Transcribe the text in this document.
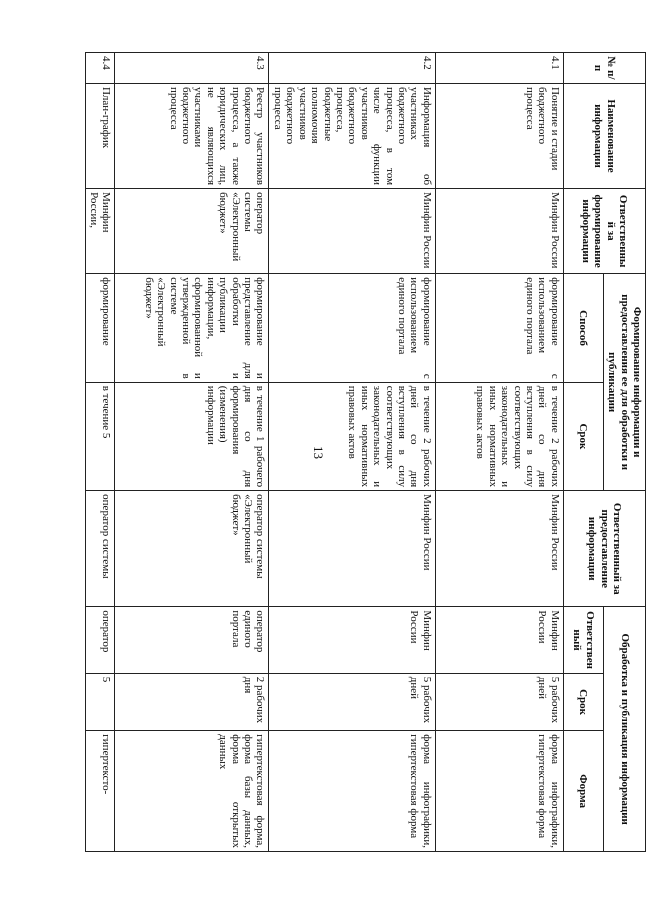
13
№ п/п	Наименование информации	Ответственный за формирование информации	Формирование информации и предоставления ее для обработки и публикации		Ответственный за предоставление информации	Обработка и публикация информации		
			Способ	Срок		Ответственный	Срок	Форма
4.1	Понятие и стадии бюджетного процесса	Минфин России	формирование с использованием единого портала	в течение 2 рабочих дней со дня вступления в силу соответствующих законодательных и иных нормативных правовых актов	Минфин России	Минфин России	5 рабочих дней	форма инфографики, гипертекстовая форма
4.2	Информация об участниках бюджетного процесса, в том числе функции участников бюджетного процесса, бюджетные полномочия участников бюджетного процесса	Минфин России	формирование с использованием единого портала	в течение 2 рабочих дней со дня вступления в силу соответствующих законодательных и иных нормативных правовых актов	Минфин России	Минфин России	5 рабочих дней	форма инфографики, гипертекстовая форма
4.3	Реестр участников бюджетного процесса, а также юридических лиц, не являющихся участниками бюджетного процесса	оператор системы «Электронный бюджет»	формирование и представление для обработки и публикации информации, сформированной и утвержденной в системе «Электронный бюджет»	в течение 1 рабочего дня со дня формирования (изменения) информации	оператор системы «Электронный бюджет»	оператор единого портала	2 рабочих дня	гипертекстовая форма, форма базы данных, форма открытых данных
4.4	План-график	Минфин России,	формирование	в течение 5	оператор системы	оператор	5	гипертексто-
